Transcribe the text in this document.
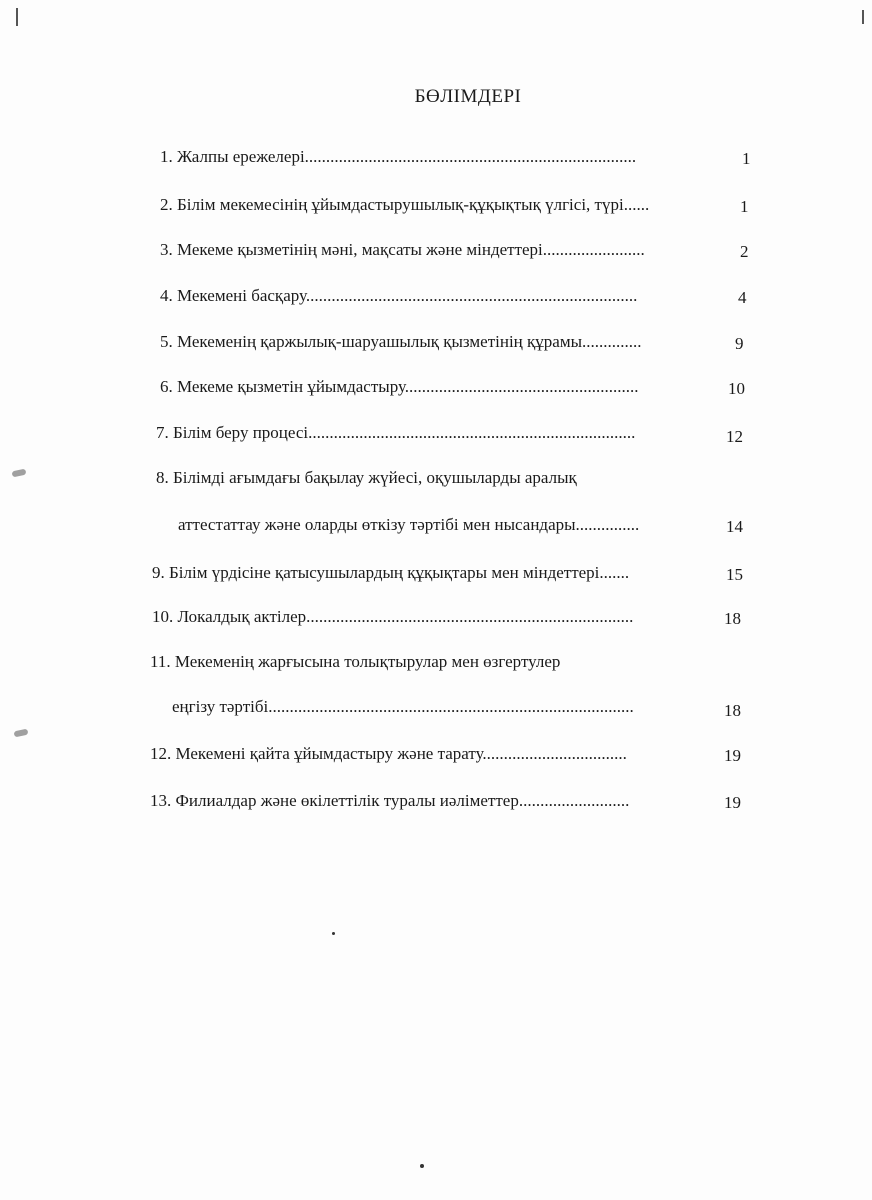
БӨЛІМДЕРІ
1. Жалпы ережелері..............................................................................	1
2. Білім мекемесінің ұйымдастырушылық-құқықтық үлгісі, түрі......	1
3. Мекеме қызметінің мәні, мақсаты және міндеттері........................	2
4. Мекемені басқару..............................................................................	4
5. Мекеменің қаржылық-шаруашылық қызметінің құрамы..............	9
6. Мекеме қызметін ұйымдастыру.......................................................	10
7. Білім беру процесі.............................................................................	12
8. Білімді ағымдағы бақылау жүйесі, оқушыларды аралық
аттестаттау және оларды өткізу тәртібі мен нысандары...............	14
9. Білім үрдісіне қатысушылардың құқықтары мен міндеттері.......	15
10. Локалдық актілер.............................................................................	18
11. Мекеменің жарғысына толықтырулар мен өзгертулер
еңгізу тәртібі......................................................................................	18
12. Мекемені қайта ұйымдастыру және тарату..................................	19
13. Филиалдар және өкілеттілік туралы иәліметтер..........................	19
